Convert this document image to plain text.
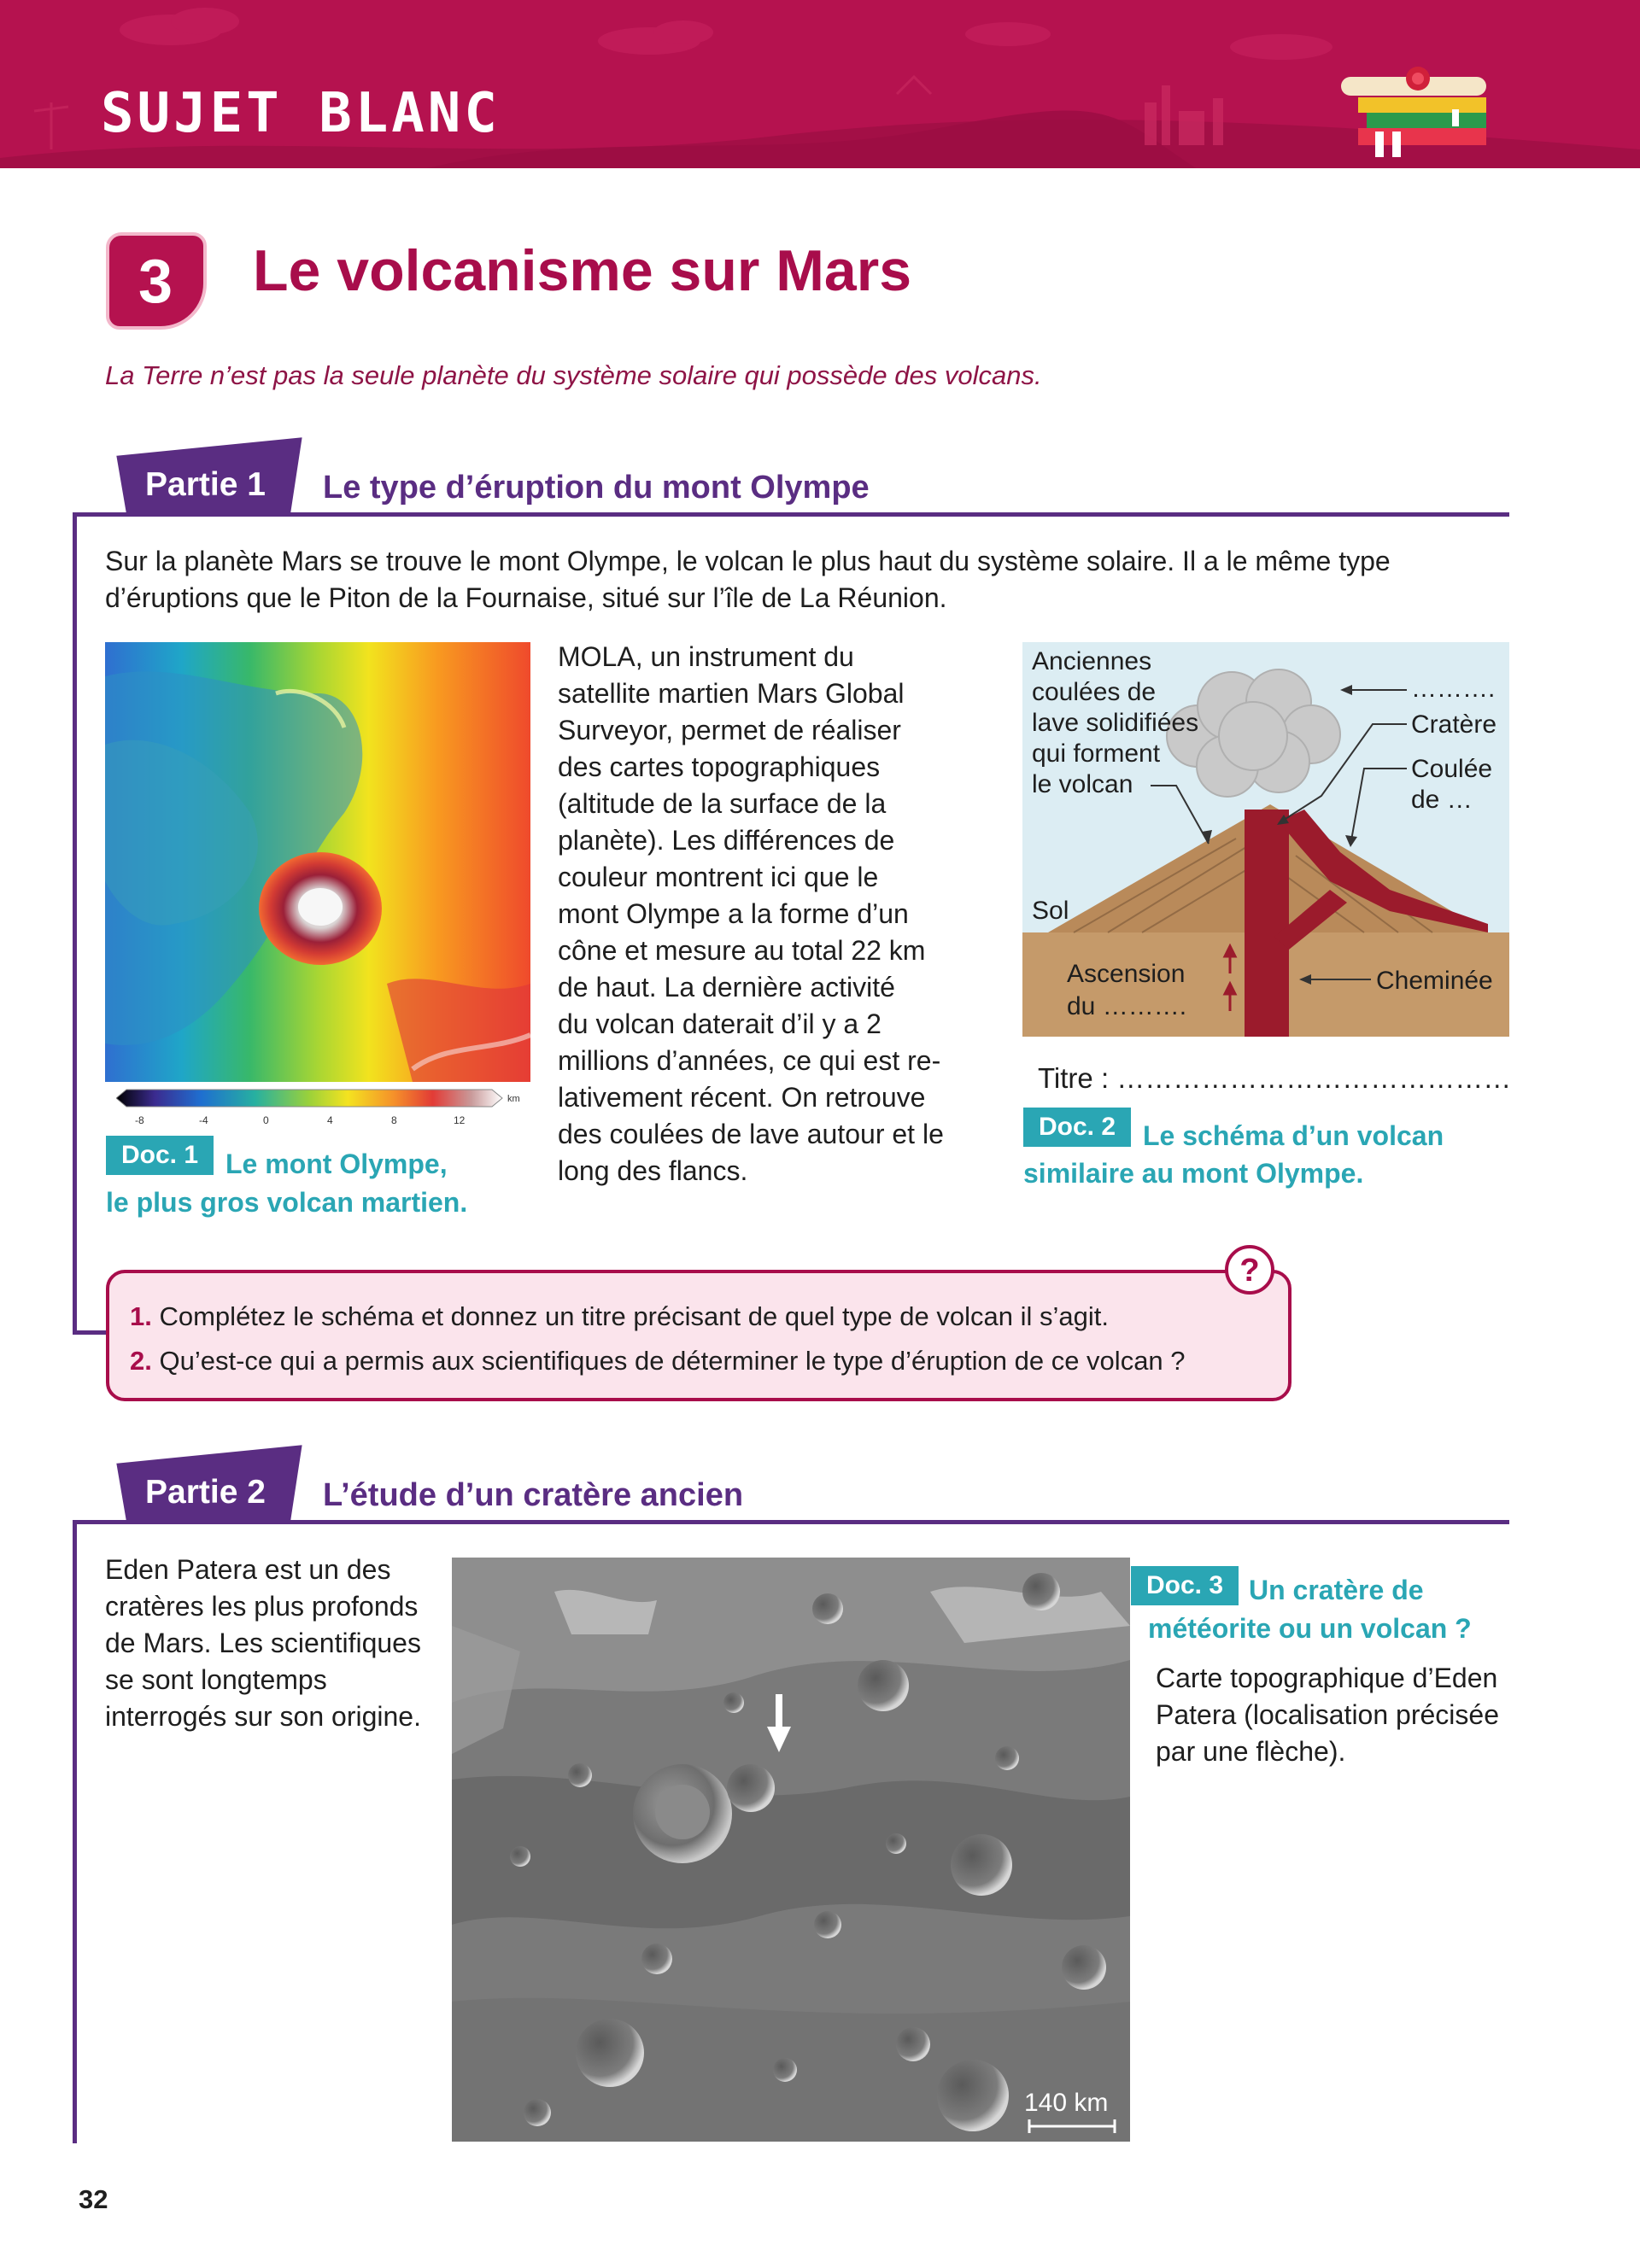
SUJET BLANC
3 Le volcanisme sur Mars
La Terre n’est pas la seule planète du système solaire qui possède des volcans.
Partie 1 Le type d’éruption du mont Olympe
Sur la planète Mars se trouve le mont Olympe, le volcan le plus haut du système solaire. Il a le même type
d’éruptions que le Piton de la Fournaise, situé sur l’île de La Réunion.
km
-8	-4	0	4	8	12
Doc. 1 Le mont Olympe,
le plus gros volcan martien.
MOLA, un instrument du
satellite martien Mars Global
Surveyor, permet de réaliser
des cartes topographiques
(altitude de la surface de la
planète). Les différences de
couleur montrent ici que le
mont Olympe a la forme d’un
cône et mesure au total 22 km
de haut. La dernière activité
du volcan daterait d’il y a 2
millions d’années, ce qui est re-
lativement récent. On retrouve
des coulées de lave autour et le
long des flancs.
Anciennes
coulées de
lave solidifiées
qui forment
le volcan
……….
Cratère
Coulée
de …
Sol
Ascension
du ……….
Cheminée
Titre : ……………………………………
Doc. 2 Le schéma d’un volcan
similaire au mont Olympe.
1. Complétez le schéma et donnez un titre précisant de quel type de volcan il s’agit.
2. Qu’est-ce qui a permis aux scientifiques de déterminer le type d’éruption de ce volcan ?
?
Partie 2 L’étude d’un cratère ancien
Eden Patera est un des
cratères les plus profonds
de Mars. Les scientifiques
se sont longtemps
interrogés sur son origine.
140 km
Doc. 3 Un cratère de
météorite ou un volcan ?
Carte topographique d’Eden
Patera (localisation précisée
par une flèche).
32
